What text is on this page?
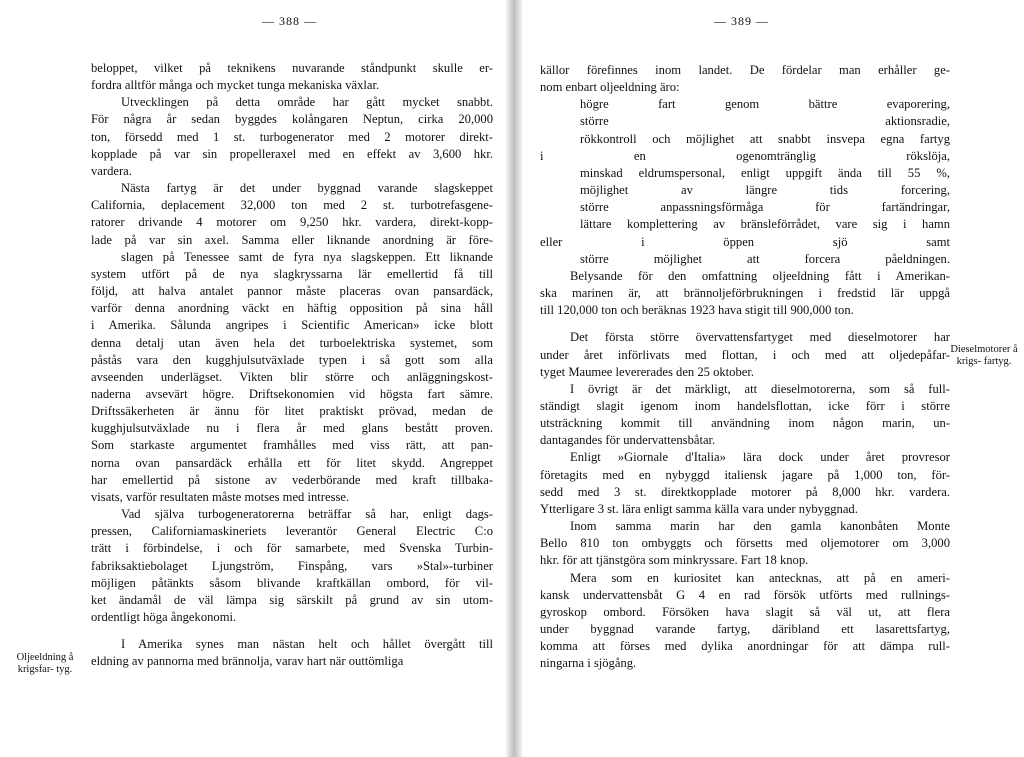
— 388 —
beloppet, vilket på teknikens nuvarande ståndpunkt skulle er-
fordra alltför många och mycket tunga mekaniska växlar.
Utvecklingen på detta område har gått mycket snabbt.
För några år sedan byggdes kolångaren Neptun, cirka 20,000
ton, försedd med 1 st. turbogenerator med 2 motorer direkt-
kopplade på var sin propelleraxel med en effekt av 3,600 hkr.
vardera.
Nästa fartyg är det under byggnad varande slagskeppet
California, deplacement 32,000 ton med 2 st. turbotrefasgene-
ratorer drivande 4 motorer om 9,250 hkr. vardera, direkt-kopp-
lade på var sin axel. Samma eller liknande anordning är före-
slagen på Tenessee samt de fyra nya slagskeppen. Ett liknande
system utfört på de nya slagkryssarna lär emellertid få till
följd, att halva antalet pannor måste placeras ovan pansardäck,
varför denna anordning väckt en häftig opposition på sina håll
i Amerika. Sålunda angripes i Scientific American» icke blott
denna detalj utan även hela det turboelektriska systemet, som
påstås vara den kugghjulsutväxlade typen i så gott som alla
avseenden underlägset. Vikten blir större och anläggningskost-
naderna avsevärt högre. Driftsekonomien vid högsta fart sämre.
Driftssäkerheten är ännu för litet praktiskt prövad, medan de
kugghjulsutväxlade nu i flera år med glans bestått proven.
Som starkaste argumentet framhålles med viss rätt, att pan-
norna ovan pansardäck erhålla ett för litet skydd. Angreppet
har emellertid på sistone av vederbörande med kraft tillbaka-
visats, varför resultaten måste motses med intresse.
Vad själva turbogeneratorerna beträffar så har, enligt dags-
pressen, Californiamaskineriets leverantör General Electric C:o
trätt i förbindelse, i och för samarbete, med Svenska Turbin-
fabriksaktiebolaget Ljungström, Finspång, vars »Stal»-turbiner
möjligen påtänkts såsom blivande kraftkällan ombord, för vil-
ket ändamål de väl lämpa sig särskilt på grund av sin utom-
ordentligt höga ångekonomi.
I Amerika synes man nästan helt och hållet övergått till
eldning av pannorna med brännolja, varav hart när outtömliga
Oljeeldning å krigsfar- tyg.
— 389 —
källor förefinnes inom landet. De fördelar man erhåller ge-
nom enbart oljeeldning äro:
högre fart genom bättre evaporering,
större aktionsradie,
rökkontroll och möjlighet att snabbt insvepa egna fartyg
i en ogenomtränglig rökslöja,
minskad eldrumspersonal, enligt uppgift ända till 55 %,
möjlighet av längre tids forcering,
större anpassningsförmåga för fartändringar,
lättare komplettering av bränsleförrådet, vare sig i hamn
eller i öppen sjö samt
större möjlighet att forcera påeldningen.
Belysande för den omfattning oljeeldning fått i Amerikan-
ska marinen är, att brännoljeförbrukningen i fredstid lär uppgå
till 120,000 ton och beräknas 1923 hava stigit till 900,000 ton.
Det första större övervattensfartyget med dieselmotorer har
under året införlivats med flottan, i och med att oljedepåfar-
tyget Maumee levererades den 25 oktober.
I övrigt är det märkligt, att dieselmotorerna, som så full-
ständigt slagit igenom inom handelsflottan, icke förr i större
utsträckning kommit till användning inom någon marin, un-
dantagandes för undervattensbåtar.
Enligt »Giornale d'Italia» lära dock under året provresor
företagits med en nybyggd italiensk jagare på 1,000 ton, för-
sedd med 3 st. direktkopplade motorer på 8,000 hkr. vardera.
Ytterligare 3 st. lära enligt samma källa vara under nybyggnad.
Inom samma marin har den gamla kanonbåten Monte
Bello 810 ton ombyggts och försetts med oljemotorer om 3,000
hkr. för att tjänstgöra som minkryssare. Fart 18 knop.
Mera som en kuriositet kan antecknas, att på en ameri-
kansk undervattensbåt G 4 en rad försök utförts med rullnings-
gyroskop ombord. Försöken hava slagit så väl ut, att flera
under byggnad varande fartyg, däribland ett lasarettsfartyg,
komma att förses med dylika anordningar för att dämpa rull-
ningarna i sjögång.
Dieselmotorer å krigs- fartyg.
